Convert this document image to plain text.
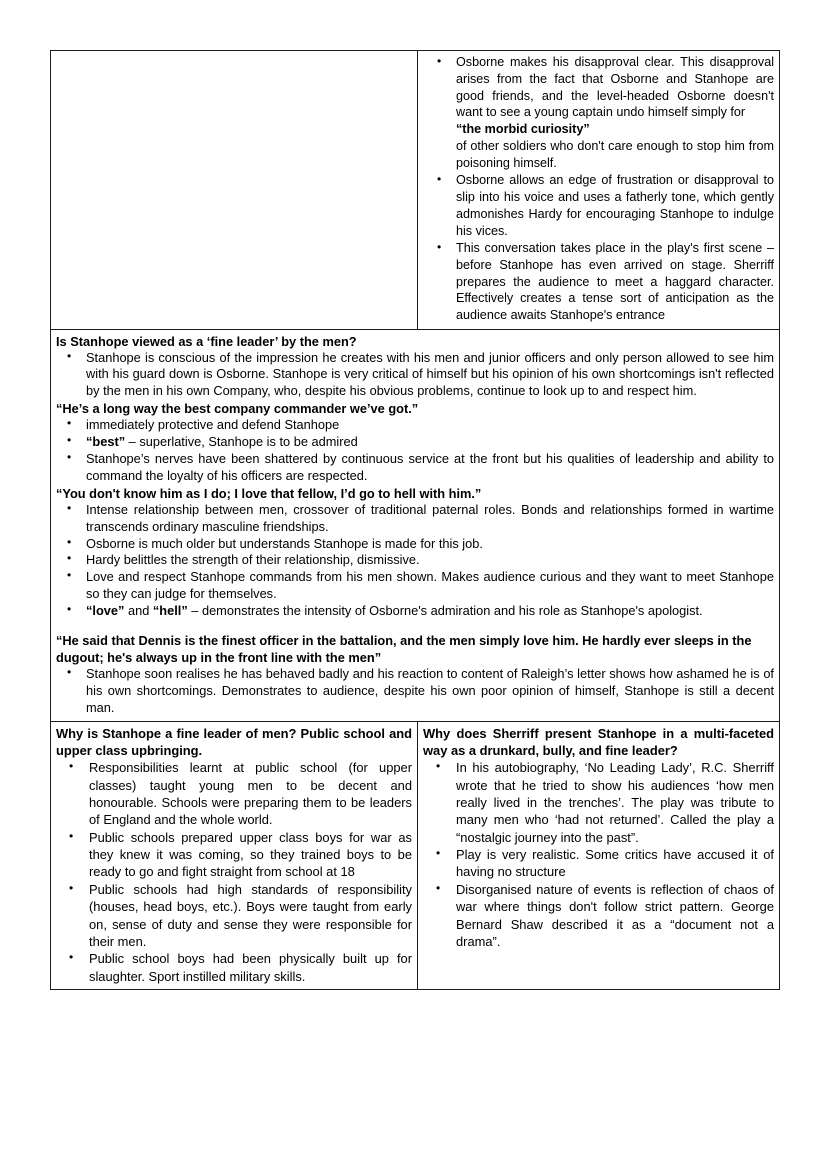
• Osborne makes his disapproval clear. This disapproval arises from the fact that Osborne and Stanhope are good friends, and the level-headed Osborne doesn't want to see a young captain undo himself simply for
“the morbid curiosity”
of other soldiers who don't care enough to stop him from poisoning himself.
• Osborne allows an edge of frustration or disapproval to slip into his voice and uses a fatherly tone, which gently admonishes Hardy for encouraging Stanhope to indulge his vices.
• This conversation takes place in the play's first scene – before Stanhope has even arrived on stage. Sherriff prepares the audience to meet a haggard character. Effectively creates a tense sort of anticipation as the audience awaits Stanhope's entrance

Is Stanhope viewed as a ‘fine leader’ by the men?

• Stanhope is conscious of the impression he creates with his men and junior officers and only person allowed to see him with his guard down is Osborne. Stanhope is very critical of himself but his opinion of his own shortcomings isn't reflected by the men in his own Company, who, despite his obvious problems, continue to look up to and respect him.

“He’s a long way the best company commander we’ve got.”

• immediately protective and defend Stanhope
• “best” – superlative, Stanhope is to be admired
• Stanhope’s nerves have been shattered by continuous service at the front but his qualities of leadership and ability to command the loyalty of his officers are respected.

“You don't know him as I do; I love that fellow, I’d go to hell with him.”

• Intense relationship between men, crossover of traditional paternal roles. Bonds and relationships formed in wartime transcends ordinary masculine friendships.
• Osborne is much older but understands Stanhope is made for this job.
• Hardy belittles the strength of their relationship, dismissive.
• Love and respect Stanhope commands from his men shown. Makes audience curious and they want to meet Stanhope so they can judge for themselves.
• “love” and “hell” – demonstrates the intensity of Osborne's admiration and his role as Stanhope's apologist.

“He said that Dennis is the finest officer in the battalion, and the men simply love him. He hardly ever sleeps in the dugout; he's always up in the front line with the men”

• Stanhope soon realises he has behaved badly and his reaction to content of Raleigh’s letter shows how ashamed he is of his own shortcomings. Demonstrates to audience, despite his own poor opinion of himself, Stanhope is still a decent man.

Why is Stanhope a fine leader of men? Public school and upper class upbringing.

• Responsibilities learnt at public school (for upper classes) taught young men to be decent and honourable. Schools were preparing them to be leaders of England and the whole world.
• Public schools prepared upper class boys for war as they knew it was coming, so they trained boys to be ready to go and fight straight from school at 18
• Public schools had high standards of responsibility (houses, head boys, etc.). Boys were taught from early on, sense of duty and sense they were responsible for their men.
• Public school boys had been physically built up for slaughter. Sport instilled military skills.

Why does Sherriff present Stanhope in a multi-faceted way as a drunkard, bully, and fine leader?

• In his autobiography, ‘No Leading Lady’, R.C. Sherriff wrote that he tried to show his audiences ‘how men really lived in the trenches’. The play was tribute to many men who ‘had not returned’. Called the play a “nostalgic journey into the past”.
• Play is very realistic. Some critics have accused it of having no structure
• Disorganised nature of events is reflection of chaos of war where things don't follow strict pattern. George Bernard Shaw described it as a “document not a drama”.
